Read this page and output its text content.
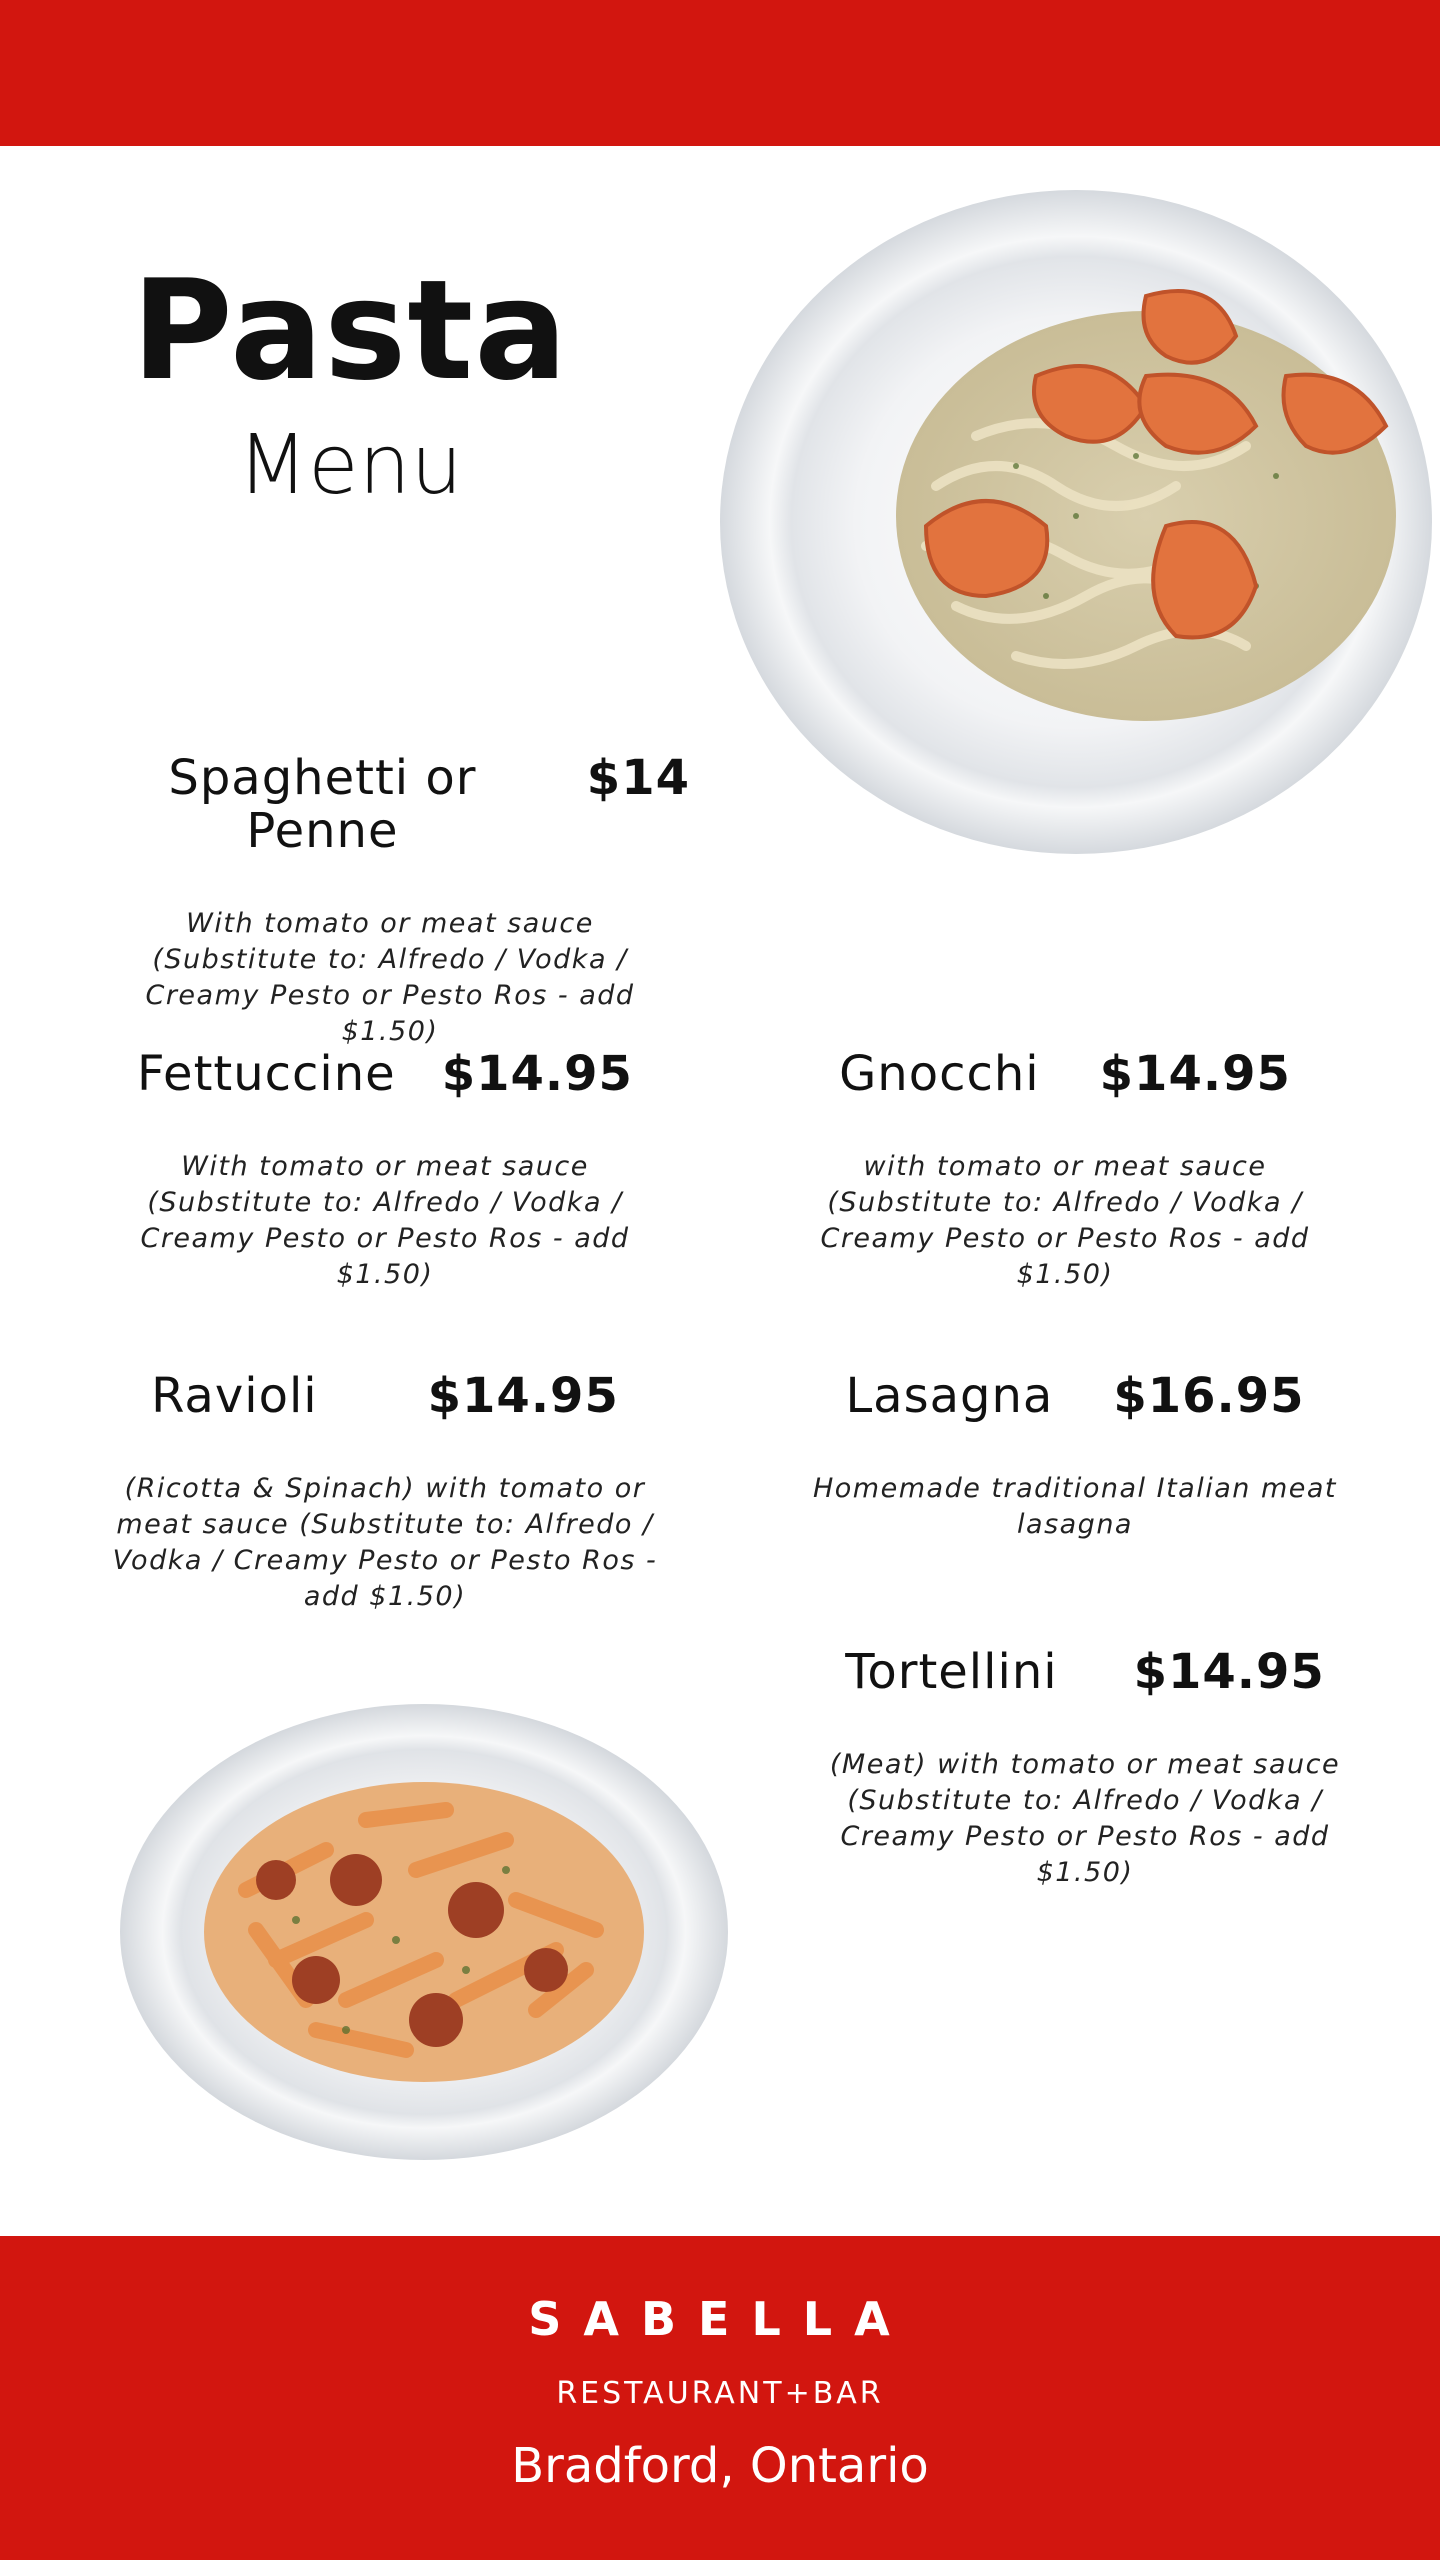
Pasta
Menu
Spaghetti or Penne
$14
With tomato or meat sauce (Substitute to: Alfredo / Vodka / Creamy Pesto or Pesto Ros - add $1.50)
Fettuccine $14.95
With tomato or meat sauce (Substitute to: Alfredo / Vodka / Creamy Pesto or Pesto Ros - add $1.50)
Gnocchi $14.95
with tomato or meat sauce (Substitute to: Alfredo / Vodka / Creamy Pesto or Pesto Ros - add $1.50)
Ravioli $14.95
(Ricotta & Spinach) with tomato or meat sauce (Substitute to: Alfredo / Vodka / Creamy Pesto or Pesto Ros - add $1.50)
Lasagna $16.95
Homemade traditional Italian meat lasagna
Tortellini $14.95
(Meat) with tomato or meat sauce (Substitute to: Alfredo / Vodka / Creamy Pesto or Pesto Ros - add $1.50)
SABELLA
RESTAURANT+BAR
Bradford, Ontario
